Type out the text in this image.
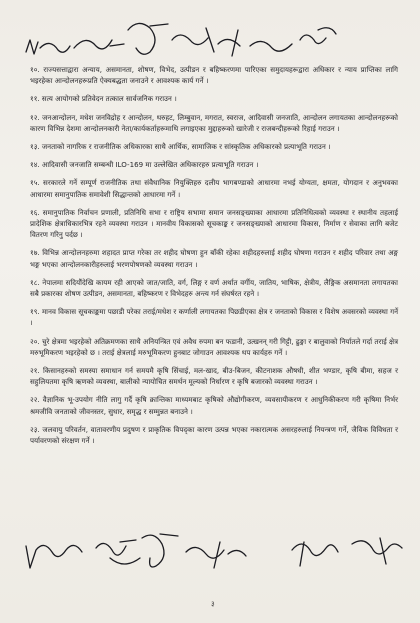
१०. राज्यसत्ताद्वारा अन्याय, असमानता, शोषण, विभेद, उत्पीडन र बहिष्करणमा पारिएका समुदायहरूद्वारा अधिकार र न्याय प्राप्तिका लागि भइरहेका आन्दोलनहरूप्रति ऐक्यबद्धता जनाउने र आवश्यक कार्य गर्ने ।

११. सत्य आयोगको प्रतिवेदन तत्काल सार्वजनिक गराउन ।

१२. जनआन्दोलन, मधेश जनविद्रोह र आन्दोलन, थरुहट, लिम्बुवान, मगरात, स्वराज, आदिवासी जनजाति, आन्दोलन लगायतका आन्दोलनहरूको कारण विभिन्न देशमा आन्दोलनकारी नेता/कार्यकर्ताहरूमाथि लगाइएका मुद्दाहरूको खारेजी र राजबन्दीहरूको रिहाई गराउन ।

१३. जनताको नागरिक र राजनीतिक अधिकारका साथै आर्थिक, सामाजिक र सांस्कृतिक अधिकारको प्रत्याभूति गराउन ।

१४. आदिवासी जनजाति सम्बन्धी ILO-169 मा उल्लेखित अधिकारहरु प्रत्याभूति गराउन ।

१५. सरकारले गर्ने सम्पूर्ण राजनीतिक तथा संवैधानिक नियुक्तिहरु दलीय भागबण्डाको आधारमा नभई योग्यता, क्षमता, योगदान र अनुभवका आधारमा समानुपातिक समावेशी सिद्धान्तको आधारमा गर्ने ।

१६. समानुपातिक निर्वाचन प्रणाली, प्रतिनिधि सभा र राष्ट्रिय सभामा समान जनसङ्ख्याका आधारमा प्रतिनिधित्वको व्यवस्था र स्थानीय तहलाई प्रादेशिक क्षेत्राधिकारभित्र रहने व्यवस्था गराउन । मानवीय विकासको सूचकाङ्क र जनसङ्ख्याको आधारमा विकास, निर्माण र सेवाका लागि बजेट वितरण गरिनु पर्दछ ।

१७. विभिन्न आन्दोलनहरुमा शहादत प्राप्त गरेका तर शहीद घोषणा हुन बाँकी रहेका शहीदहरुलाई शहीद घोषणा गराउन र शहीद परिवार तथा अङ्ग भङ्ग भएका आन्दोलनकारीहरुलाई भरणपोषणको व्यवस्था गराउन ।

१८. नेपालमा सदियौंदेखि कायम रही आएको जात/जाति, वर्ग, लिङ्ग र वर्ण अर्थात वर्गीय, जातिय, भाषिक, क्षेत्रीय, लैङ्गिक असमानता लगायतका सबै प्रकारका शोषण उत्पीडन, असमानता, बहिष्करण र विभेदहरु अन्त्य गर्न संघर्षरत रहने ।

१९. मानव विकास सूचकाङ्कमा पछाडी परेका तराई/मधेश र कर्णाली लगायतका पिछडीएका क्षेत्र र जनताको विकास र विशेष अवसरको व्यवस्था गर्ने ।

२०. चुरे क्षेत्रमा भइरहेको अतिक्रमणका साथै अनियन्त्रित एवं अवैध रुपमा बन फडानी, उत्खनन् गरी गिट्टी, ढुङ्गा र बालुवाको निर्यातले गर्दा तराई क्षेत्र मरुभूमिकरण भइरहेको छ । तराई क्षेत्रलाई मरुभूमिकरण हुनबाट जोगाउन आवश्यक थप कार्यहरु गर्ने ।

२१. किसानहरुको समस्या समाधान गर्न समयमै कृषि सिंचाई, मल-खाद, बीउ-बिजन, कीटनाशक औषधी, शीत भण्डार, कृषि बीमा, सहज र सहुलियतमा कृषि ऋणको व्यवस्था, बालीको न्यायोचित समर्थन मूल्यको निर्धारण र कृषि बजारको व्यवस्था गराउन ।

२२. वैज्ञानिक भू-उपयोग नीति लागु गर्दै कृषि क्रान्तिका माध्यमबाट कृषिको औद्योगीकरण, व्यवसायीकरण र आधुनिकीकरण गरी कृषिमा निर्भर श्रमजीवि जनताको जीवनस्तर, सुधार, समृद्ध र सम्मुन्नत बनाउने ।

२३. जलवायु परिवर्तन, वातावरणीय प्रदुषण र प्राकृतिक विपद्का कारण उत्पन्न भएका नकारात्मक असरहरुलाई नियन्त्रण गर्ने, जैविक विविधता र पर्यावरणको संरक्षण गर्ने ।

३
